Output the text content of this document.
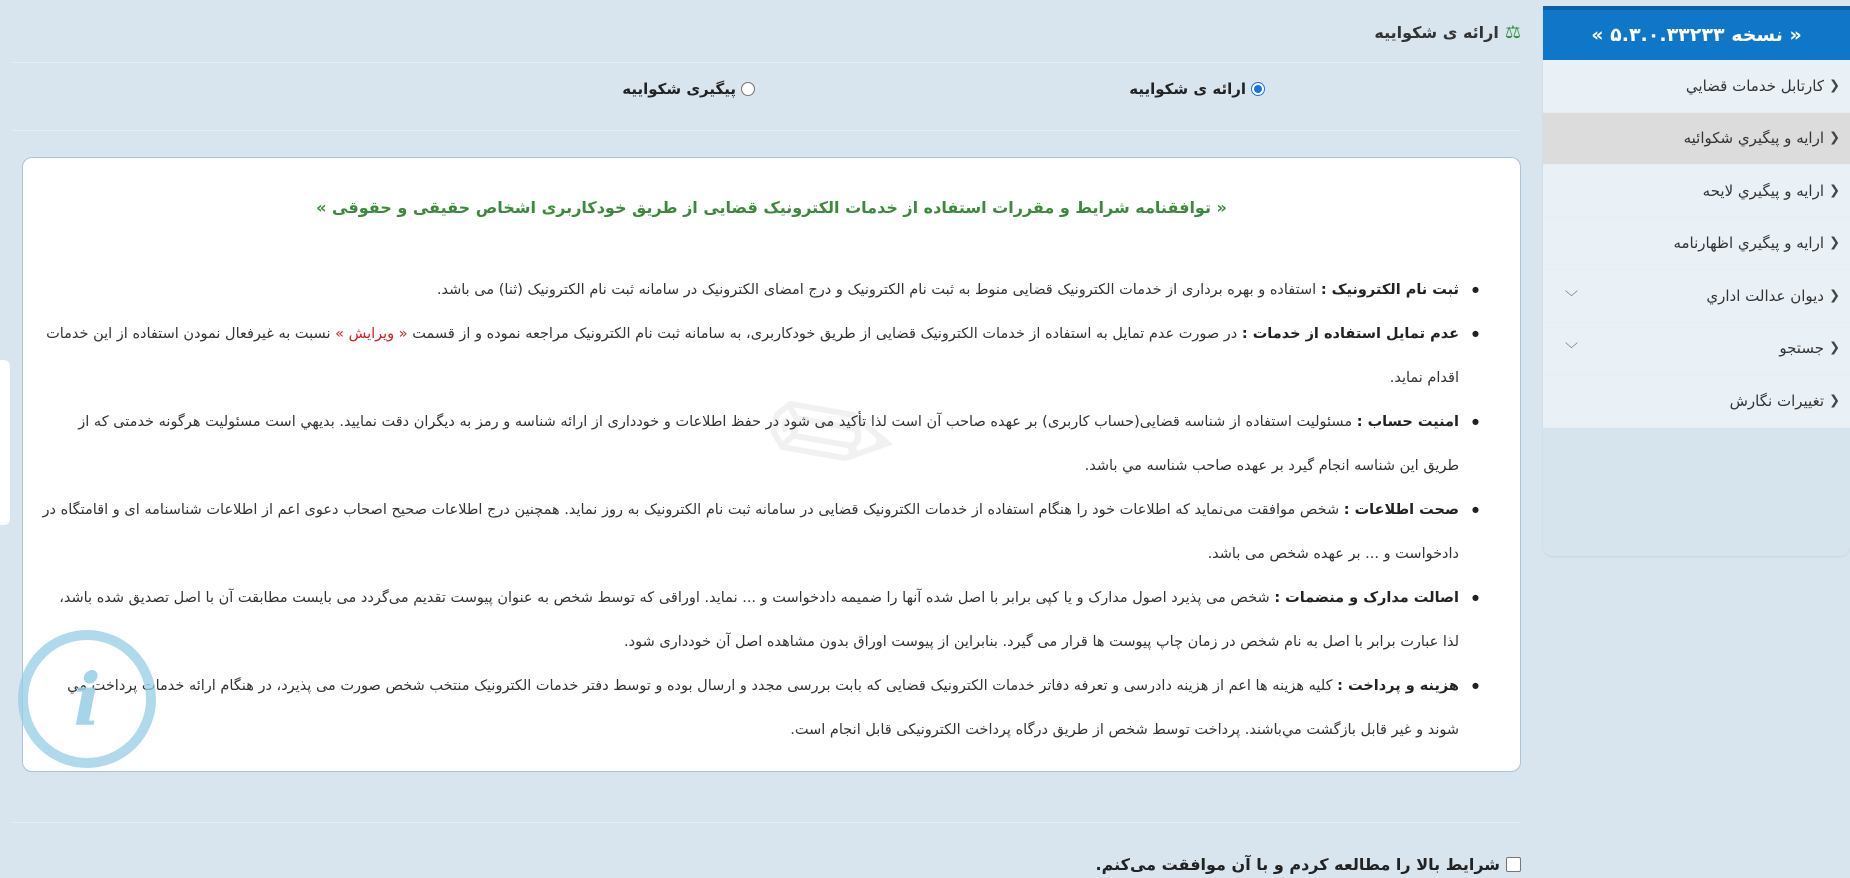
« نسخه ۵.۳.۰.۳۳۲۳۳ »
❮
كارتابل خدمات قضايي
❮
ارايه و پيگيري شكوائيه
❮
ارايه و پيگيري لايحه
❮
ارايه و پيگيري اظهارنامه
❮
ديوان عدالت اداري
﹀
❮
جستجو
﹀
❮
تغییرات نگارش
⚖
ارائه ی شکواییه
ارائه ی شکواییه
پیگیری شکواییه
✎
« توافقنامه شرایط و مقررات استفاده از خدمات الکترونیک قضایی از طریق خودکاربری اشخاص حقیقی و حقوقی »
● ثبت نام الکترونیک : استفاده و بهره برداری از خدمات الکترونیک قضایی منوط به ثبت نام الکترونیک و درج امضای الکترونیک در سامانه ثبت نام الکترونیک (ثنا) می باشد.
● عدم تمایل استفاده از خدمات : در صورت عدم تمایل به استفاده از خدمات الکترونیک قضایی از طریق خودکاربری، به سامانه ثبت نام الکترونیک مراجعه نموده و از قسمت « ویرایش » نسبت به غیرفعال نمودن استفاده از این خدمات اقدام نماید.
● امنیت حساب : مسئولیت استفاده از شناسه قضایی(حساب کاربری) بر عهده صاحب آن است لذا تأکید می شود در حفظ اطلاعات و خودداری از ارائه شناسه و رمز به دیگران دقت نمایید. بديهي است مسئوليت هرگونه خدمتی که از طریق این شناسه انجام گیرد بر عهده صاحب شناسه مي باشد.
● صحت اطلاعات : شخص موافقت می‌نماید که اطلاعات خود را هنگام استفاده از خدمات الکترونیک قضایی در سامانه ثبت نام الکترونیک به روز نماید. همچنین درج اطلاعات صحیح اصحاب دعوی اعم از اطلاعات شناسنامه ای و اقامتگاه در دادخواست و ... بر عهده شخص می باشد.
● اصالت مدارک و منضمات : شخص می پذیرد اصول مدارک و یا کپی برابر با اصل شده آنها را ضمیمه دادخواست و ... نماید. اوراقی که توسط شخص به عنوان پیوست تقدیم می‌گردد می بایست مطابقت آن با اصل تصدیق شده باشد، لذا عبارت برابر با اصل به نام شخص در زمان چاپ پیوست ها قرار می گیرد. بنابراین از پیوست اوراق بدون مشاهده اصل آن خودداری شود.
● هزینه و پرداخت : کلیه هزینه ها اعم از هزینه دادرسی و تعرفه دفاتر خدمات الکترونیک قضایی که بابت بررسی مجدد و ارسال بوده و توسط دفتر خدمات الکترونیک منتخب شخص صورت می پذیرد، در هنگام ارائه خدمات پرداخت مي شوند و غير قابل بازگشت مي‌باشند. پرداخت توسط شخص از طریق درگاه پرداخت الکترونیکی قابل انجام است.
شرایط بالا را مطالعه کردم و با آن موافقت می‌کنم.
i
